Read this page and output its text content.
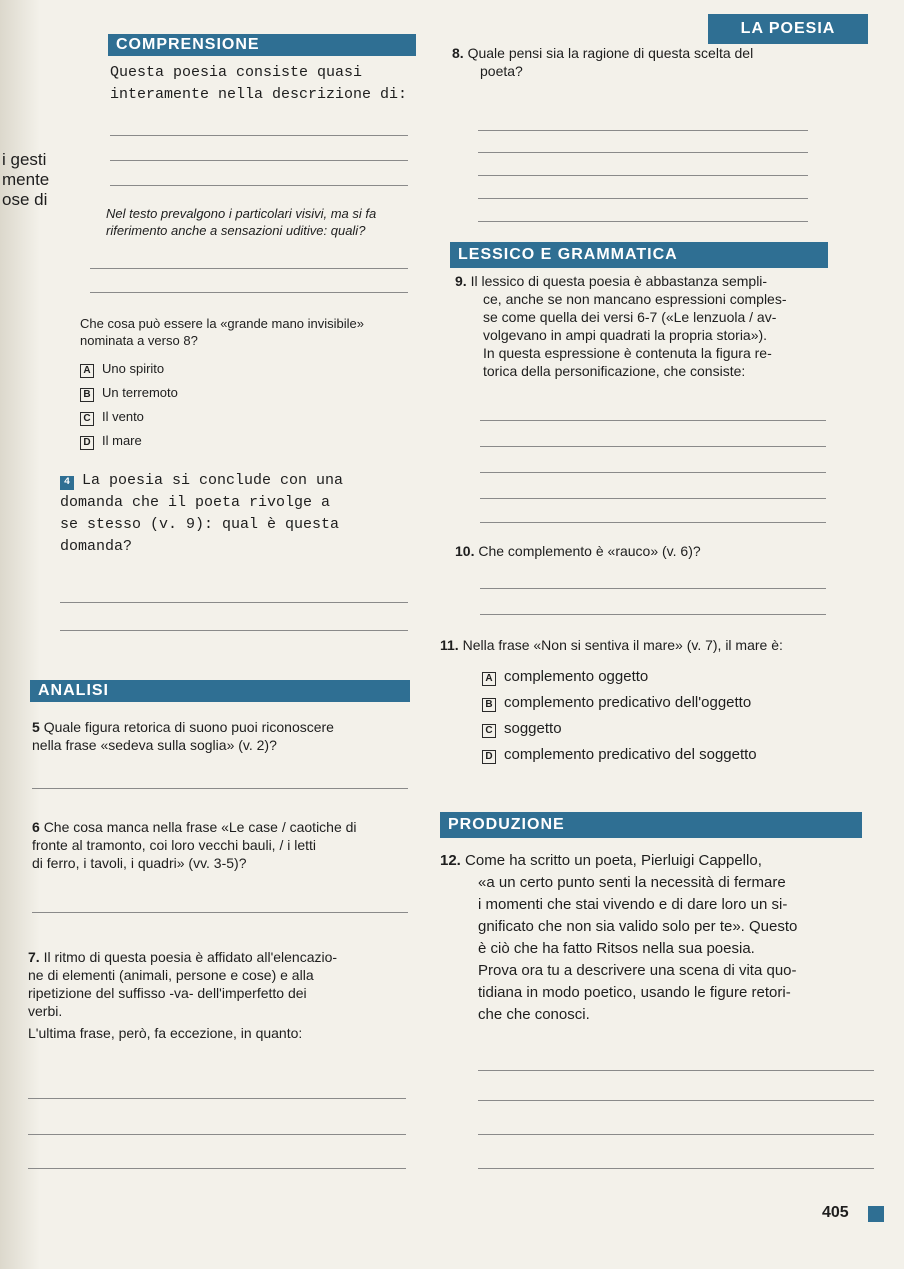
LA POESIA
i gesti
mente
ose di
COMPRENSIONE
Questa poesia consiste quasi
interamente nella descrizione di:
Nel testo prevalgono i particolari visivi, ma si fa
riferimento anche a sensazioni uditive: quali?
Che cosa può essere la «grande mano invisibile»
nominata a verso 8?
A Uno spirito
B Un terremoto
C Il vento
D Il mare
4 La poesia si conclude con una
domanda che il poeta rivolge a
se stesso (v. 9): qual è questa
domanda?
ANALISI
5 Quale figura retorica di suono puoi riconoscere
nella frase «sedeva sulla soglia» (v. 2)?
6 Che cosa manca nella frase «Le case / caotiche di
fronte al tramonto, coi loro vecchi bauli, / i letti
di ferro, i tavoli, i quadri» (vv. 3-5)?
7. Il ritmo di questa poesia è affidato all'elencazio-
ne di elementi (animali, persone e cose) e alla
ripetizione del suffisso -va- dell'imperfetto dei
verbi.
L'ultima frase, però, fa eccezione, in quanto:
8. Quale pensi sia la ragione di questa scelta del
poeta?
LESSICO E GRAMMATICA
9. Il lessico di questa poesia è abbastanza sempli-
ce, anche se non mancano espressioni comples-
se come quella dei versi 6-7 («Le lenzuola / av-
volgevano in ampi quadrati la propria storia»).
In questa espressione è contenuta la figura re-
torica della personificazione, che consiste:
10. Che complemento è «rauco» (v. 6)?
11. Nella frase «Non si sentiva il mare» (v. 7), il mare è:
A complemento oggetto
B complemento predicativo dell'oggetto
C soggetto
D complemento predicativo del soggetto
PRODUZIONE
12. Come ha scritto un poeta, Pierluigi Cappello,
«a un certo punto senti la necessità di fermare
i momenti che stai vivendo e di dare loro un si-
gnificato che non sia valido solo per te». Questo
è ciò che ha fatto Ritsos nella sua poesia.
Prova ora tu a descrivere una scena di vita quo-
tidiana in modo poetico, usando le figure retori-
che che conosci.
405
